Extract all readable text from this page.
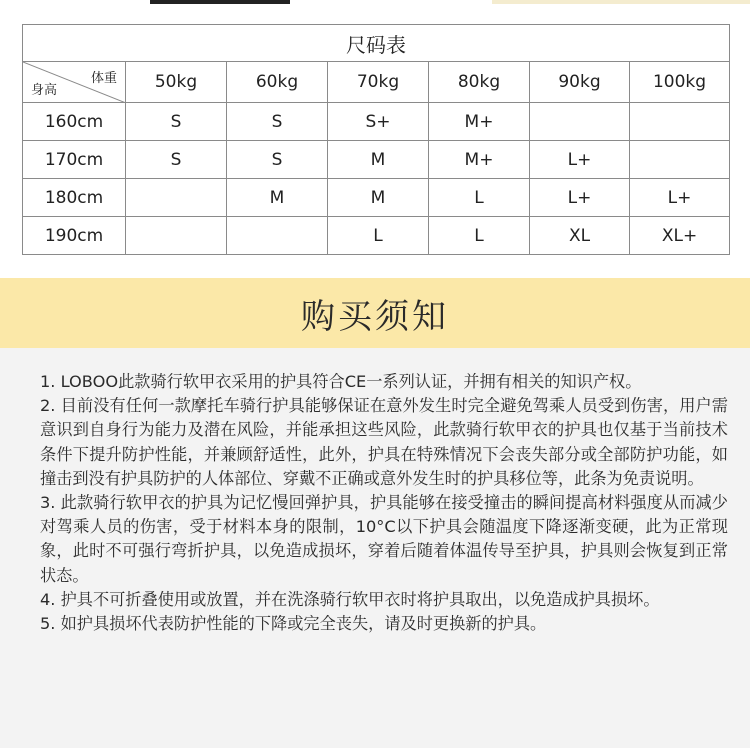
尺码表						

体重
身高	50kg	60kg	70kg	80kg	90kg	100kg
160cm	S	S	S+	M+		
170cm	S	S	M	M+	L+	
180cm		M	M	L	L+	L+
190cm			L	L	XL	XL+
购买须知

1. LOBOO此款骑行软甲衣采用的护具符合CE一系列认证，并拥有相关的知识产权。

2. 目前没有任何一款摩托车骑行护具能够保证在意外发生时完全避免驾乘人员受到伤害，用户需意识到自身行为能力及潜在风险，并能承担这些风险，此款骑行软甲衣的护具也仅基于当前技术条件下提升防护性能，并兼顾舒适性，此外，护具在特殊情况下会丧失部分或全部防护功能，如撞击到没有护具防护的人体部位、穿戴不正确或意外发生时的护具移位等，此条为免责说明。

3. 此款骑行软甲衣的护具为记忆慢回弹护具，护具能够在接受撞击的瞬间提高材料强度从而减少对驾乘人员的伤害，受于材料本身的限制，10°C以下护具会随温度下降逐渐变硬，此为正常现象，此时不可强行弯折护具，以免造成损坏，穿着后随着体温传导至护具，护具则会恢复到正常状态。

4. 护具不可折叠使用或放置，并在洗涤骑行软甲衣时将护具取出，以免造成护具损坏。

5. 如护具损坏代表防护性能的下降或完全丧失，请及时更换新的护具。
